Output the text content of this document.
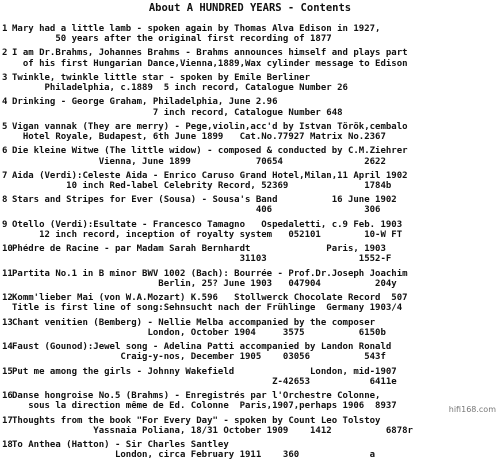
About A HUNDRED YEARS - Contents
1 Mary had a little lamb - spoken again by Thomas Alva Edison in 1927,
50 years after the original first recording of 1877
2 I am Dr.Brahms, Johannes Brahms - Brahms announces himself and plays part
of his first Hungarian Dance,Vienna,1889,Wax cylinder message to Edison
3 Twinkle, twinkle little star - spoken by Emile Berliner
Philadelphia, c.1889  5 inch record, Catalogue Number 26
4 Drinking - George Graham, Philadelphia, June 2.96
7 inch record, Catalogue Number 648
5 Vigan vannak (They are merry) - Pege,violin,acc'd by Istvan Török,cembalo
Hotel Royale, Budapest, 6th June 1899   Cat.No.77927 Matrix No.2367
6 Die kleine Witwe (The little widow) - composed & conducted by C.M.Ziehrer
Vienna, June 1899            70654               2622
7 Aida (Verdi):Celeste Aida - Enrico Caruso Grand Hotel,Milan,11 April 1902
10 inch Red-label Celebrity Record, 52369              1784b
8 Stars and Stripes for Ever (Sousa) - Sousa's Band          16 June 1902
406                 306
9 Otello (Verdi):Esultate - Francesco Tamagno   Ospedaletti, c.9 Feb. 1903
12 inch record, inception of royalty system   052101        10-W FT
10Phédre de Racine - par Madam Sarah Bernhardt              Paris, 1903
31103                 1552-F
11Partita No.1 in B minor BWV 1002 (Bach): Bourrée - Prof.Dr.Joseph Joachim
Berlin, 25? June 1903   047904          204y
12Komm'lieber Mai (von W.A.Mozart) K.596   Stollwerck Chocolate Record  507
Title is first line of song:Sehnsucht nach der Frühlinge  Germany 1903/4
13Chant venitien (Bemberg) - Nellie Melba accompanied by the composer
London, October 1904     3575          6150b
14Faust (Gounod):Jewel song - Adelina Patti accompanied by Landon Ronald
Craig-y-nos, December 1905    03056          543f
15Put me among the girls - Johnny Wakefield              London, mid-1907
Z-42653           6411e
16Danse hongroise No.5 (Brahms) - Enregistrés par l'Orchestre Colonne,
sous la direction même de Ed. Colonne  Paris,1907,perhaps 1906  8937
17Thoughts from the book "For Every Day" - spoken by Count Leo Tolstoy
Yassnaia Poliana, 18/31 October 1909    1412          6878r
18To Anthea (Hatton) - Sir Charles Santley
London, circa February 1911    360             a
hifi168.com
